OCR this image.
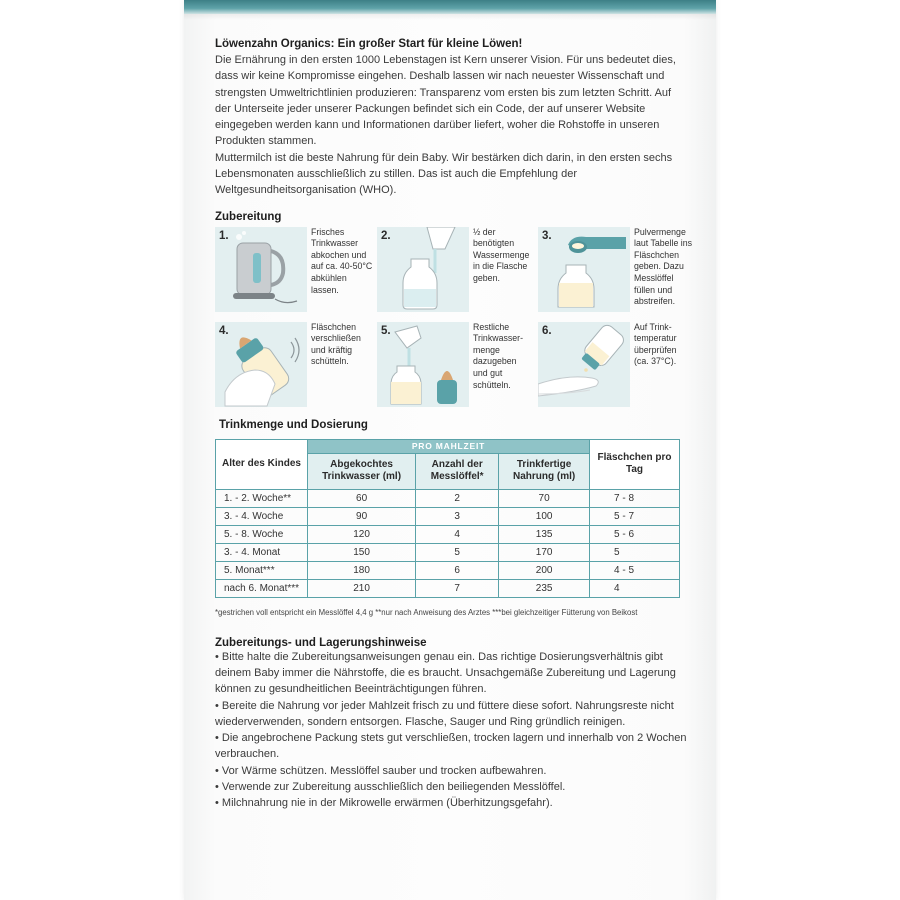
Löwenzahn Organics: Ein großer Start für kleine Löwen!
Die Ernährung in den ersten 1000 Lebenstagen ist Kern unserer Vision. Für uns bedeutet dies, dass wir keine Kompromisse eingehen. Deshalb lassen wir nach neuester Wissenschaft und strengsten Umweltrichtlinien produzieren: Transparenz vom ersten bis zum letzten Schritt. Auf der Unterseite jeder unserer Packungen befindet sich ein Code, der auf unserer Website eingegeben werden kann und Informationen darüber liefert, woher die Rohstoffe in unseren Produkten stammen.
Muttermilch ist die beste Nahrung für dein Baby. Wir bestärken dich darin, in den ersten sechs Lebensmonaten ausschließlich zu stillen. Das ist auch die Empfehlung der Weltgesundheitsorganisation (WHO).
Zubereitung
1.	Frisches
Trinkwasser
abkochen und
auf ca. 40-50°C
abkühlen
lassen.
2.	½ der
benötigten
Wassermenge
in die Flasche
geben.
3.	Pulvermenge
laut Tabelle ins
Fläschchen
geben. Dazu
Messlöffel
füllen und
abstreifen.
4.	Fläschchen
verschließen
und kräftig
schütteln.
5.	Restliche
Trinkwasser-
menge
dazugeben
und gut
schütteln.
6.	Auf Trink-
temperatur
überprüfen
(ca. 37°C).
Trinkmenge und Dosierung
Alter des Kindes	PRO MAHLZEIT			Fläschchen pro Tag
	Abgekochtes Trinkwasser (ml)	Anzahl der Messlöffel*	Trinkfertige Nahrung (ml)	
1. - 2. Woche**	60	2	70	7 - 8
3. - 4. Woche	90	3	100	5 - 7
5. - 8. Woche	120	4	135	5 - 6
3. - 4. Monat	150	5	170	5
5. Monat***	180	6	200	4 - 5
nach 6. Monat***	210	7	235	4
*gestrichen voll entspricht ein Messlöffel 4,4 g **nur nach Anweisung des Arztes ***bei gleichzeitiger Fütterung von Beikost
Zubereitungs- und Lagerungshinweise
• Bitte halte die Zubereitungsanweisungen genau ein. Das richtige Dosierungsverhältnis gibt deinem Baby immer die Nährstoffe, die es braucht. Unsachgemäße Zubereitung und Lagerung können zu gesundheitlichen Beeinträchtigungen führen.
• Bereite die Nahrung vor jeder Mahlzeit frisch zu und füttere diese sofort. Nahrungsreste nicht wiederverwenden, sondern entsorgen. Flasche, Sauger und Ring gründlich reinigen.
• Die angebrochene Packung stets gut verschließen, trocken lagern und innerhalb von 2 Wochen verbrauchen.
• Vor Wärme schützen. Messlöffel sauber und trocken aufbewahren.
• Verwende zur Zubereitung ausschließlich den beiliegenden Messlöffel.
• Milchnahrung nie in der Mikrowelle erwärmen (Überhitzungsgefahr).
